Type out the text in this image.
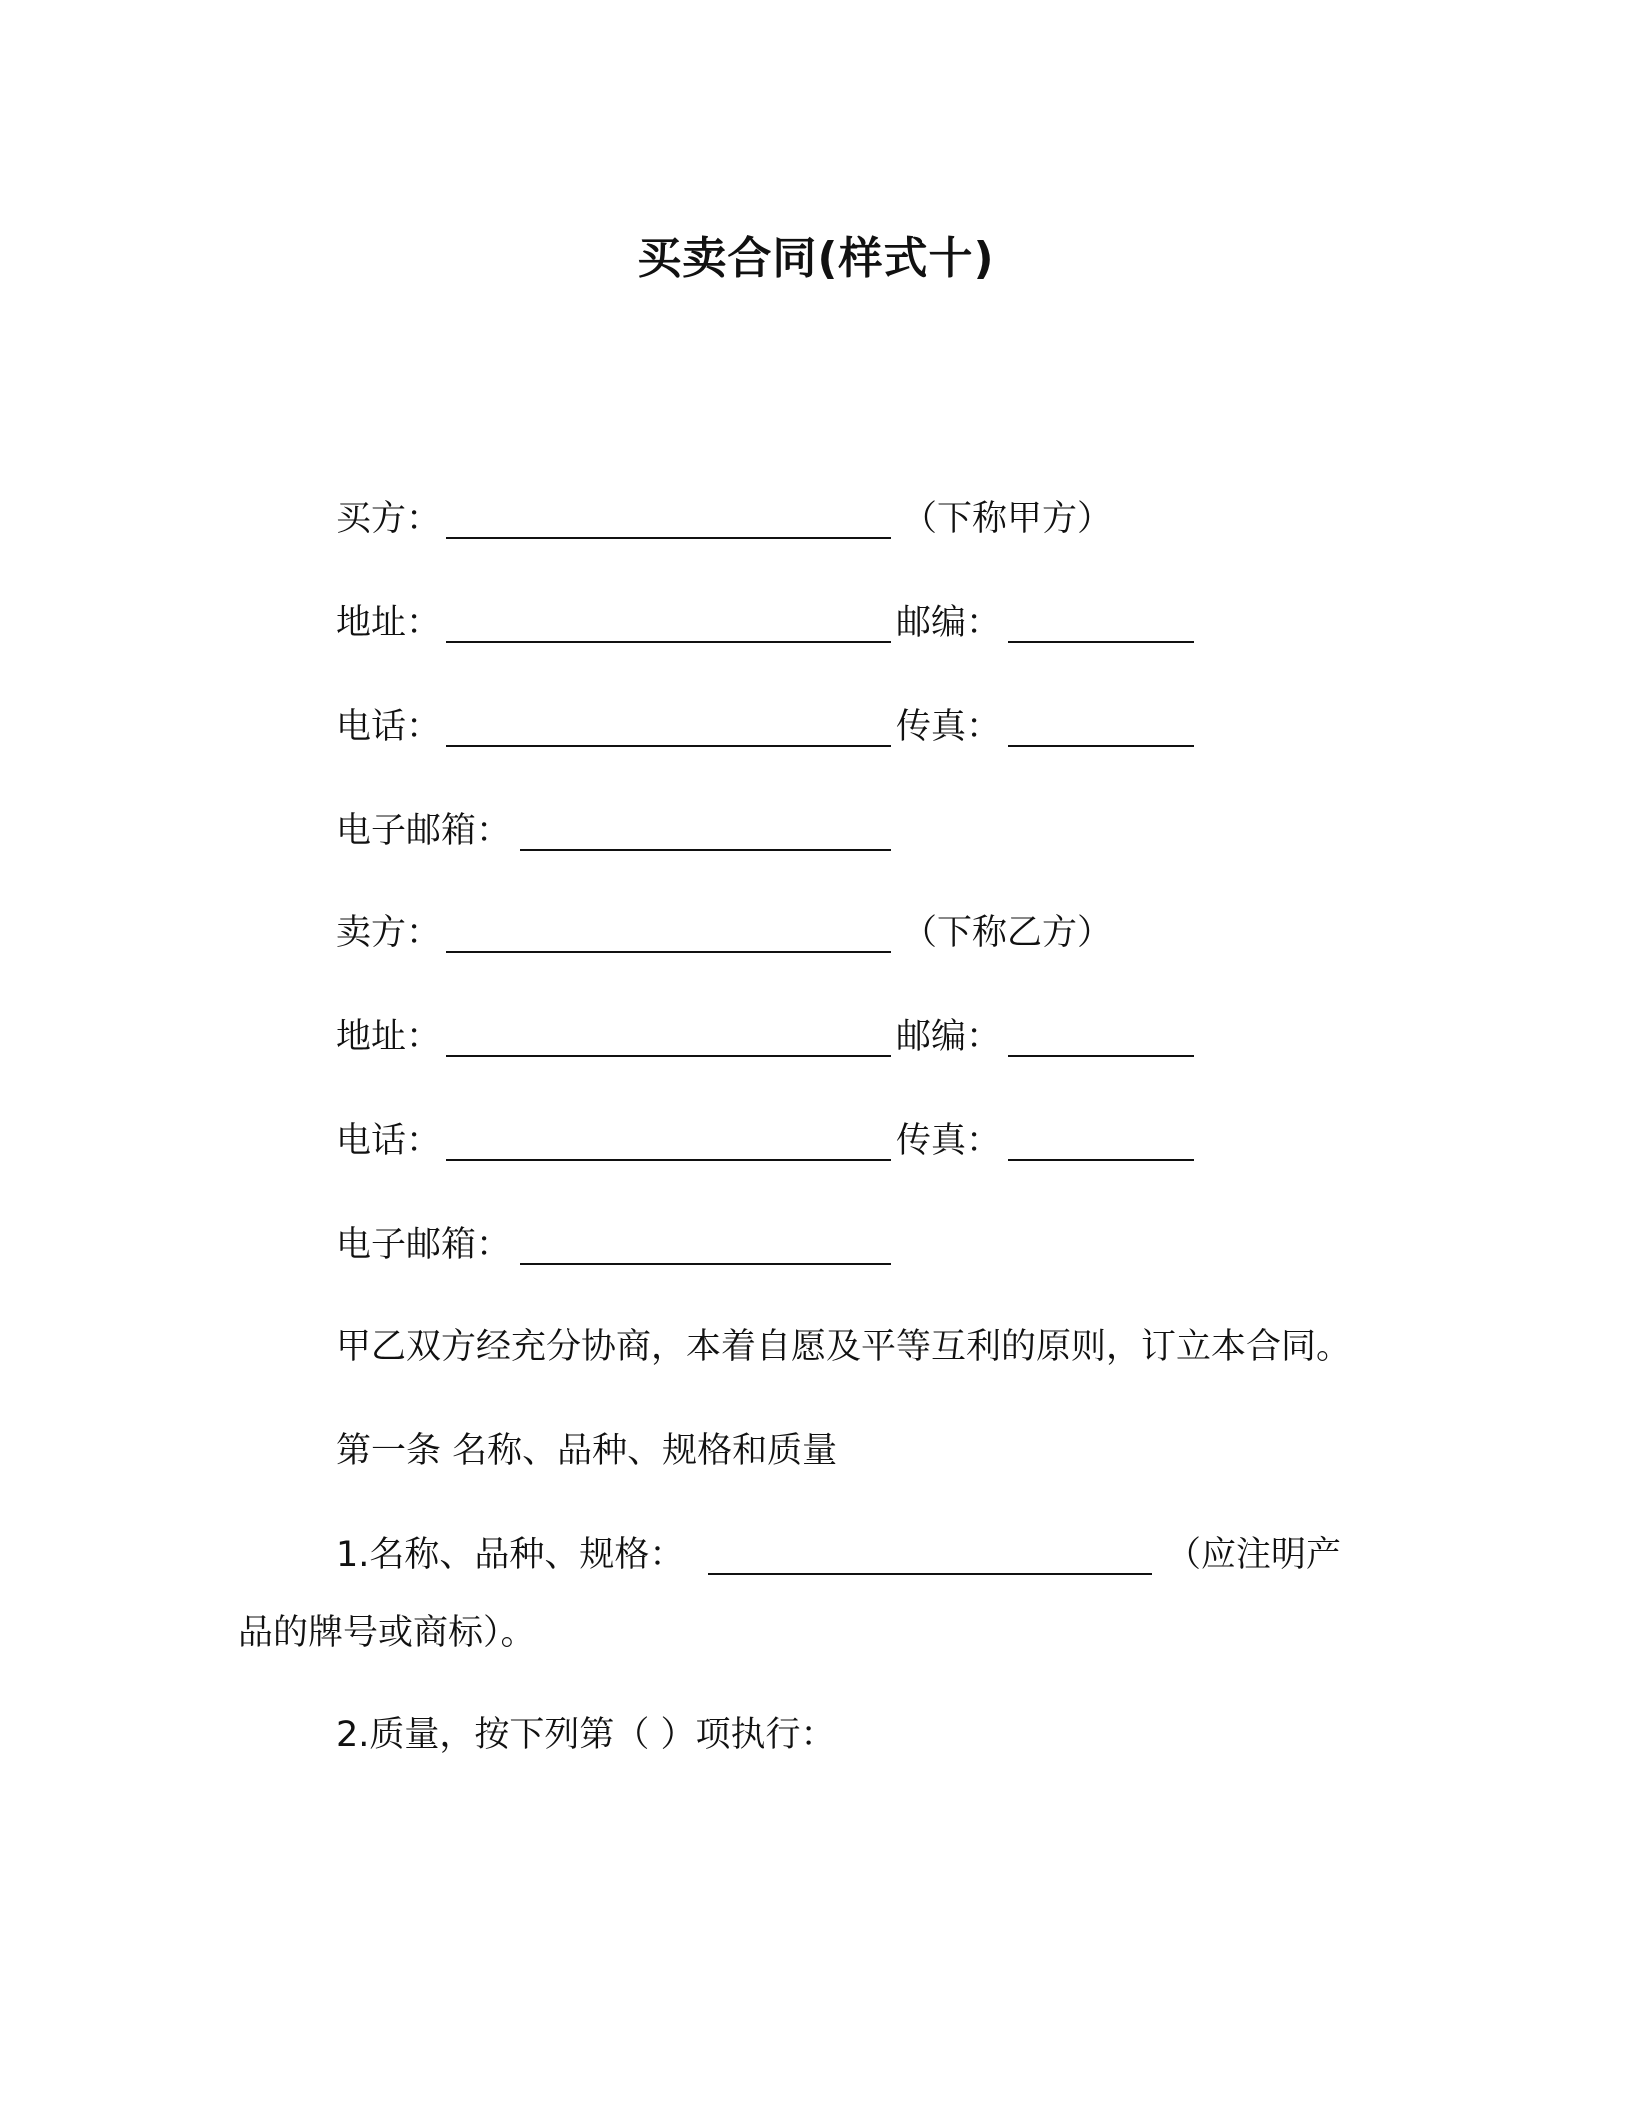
买卖合同(样式十)
买方：	（下称甲方）
地址：	邮编：
电话：	传真：
电子邮箱：
卖方：	（下称乙方）
地址：	邮编：
电话：	传真：
电子邮箱：
甲乙双方经充分协商，本着自愿及平等互利的原则，订立本合同。
第一条 名称、品种、规格和质量
1.名称、品种、规格：	（应注明产
品的牌号或商标）。
2.质量，按下列第（ ）项执行：
